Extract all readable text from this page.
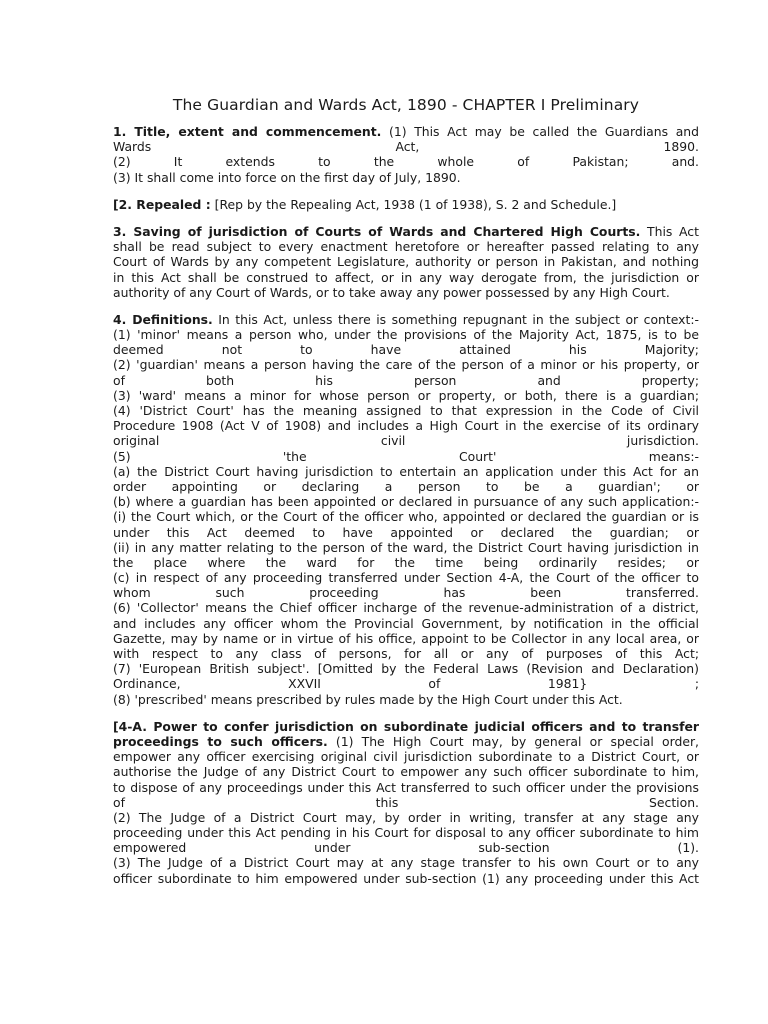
The Guardian and Wards Act, 1890 - CHAPTER I Preliminary
1. Title, extent and commencement. (1) This Act may be called the Guardians and
Wards Act, 1890.
(2) It extends to the whole of Pakistan; and.
(3) It shall come into force on the first day of July, 1890.
[2. Repealed : [Rep by the Repealing Act, 1938 (1 of 1938), S. 2 and Schedule.]
3. Saving of jurisdiction of Courts of Wards and Chartered High Courts. This Act
shall be read subject to every enactment heretofore or hereafter passed relating to any
Court of Wards by any competent Legislature, authority or person in Pakistan, and nothing
in this Act shall be construed to affect, or in any way derogate from, the jurisdiction or
authority of any Court of Wards, or to take away any power possessed by any High Court.
4. Definitions. In this Act, unless there is something repugnant in the subject or context:-
(1) 'minor' means a person who, under the provisions of the Majority Act, 1875, is to be
deemed not to have attained his Majority;
(2) 'guardian' means a person having the care of the person of a minor or his property, or
of both his person and property;
(3) 'ward' means a minor for whose person or property, or both, there is a guardian;
(4) 'District Court' has the meaning assigned to that expression in the Code of Civil
Procedure 1908 (Act V of 1908) and includes a High Court in the exercise of its ordinary
original civil jurisdiction.
(5) 'the Court' means:-
(a) the District Court having jurisdiction to entertain an application under this Act for an
order appointing or declaring a person to be a guardian'; or
(b) where a guardian has been appointed or declared in pursuance of any such application:-
(i) the Court which, or the Court of the officer who, appointed or declared the guardian or is
under this Act deemed to have appointed or declared the guardian; or
(ii) in any matter relating to the person of the ward, the District Court having jurisdiction in
the place where the ward for the time being ordinarily resides; or
(c) in respect of any proceeding transferred under Section 4-A, the Court of the officer to
whom such proceeding has been transferred.
(6) 'Collector' means the Chief officer incharge of the revenue-administration of a district,
and includes any officer whom the Provincial Government, by notification in the official
Gazette, may by name or in virtue of his office, appoint to be Collector in any local area, or
with respect to any class of persons, for all or any of purposes of this Act;
(7) 'European British subject'. [Omitted by the Federal Laws (Revision and Declaration)
Ordinance, XXVII of 1981} ;
(8) 'prescribed' means prescribed by rules made by the High Court under this Act.
[4-A. Power to confer jurisdiction on subordinate judicial officers and to transfer
proceedings to such officers. (1) The High Court may, by general or special order,
empower any officer exercising original civil jurisdiction subordinate to a District Court, or
authorise the Judge of any District Court to empower any such officer subordinate to him,
to dispose of any proceedings under this Act transferred to such officer under the provisions
of this Section.
(2) The Judge of a District Court may, by order in writing, transfer at any stage any
proceeding under this Act pending in his Court for disposal to any officer subordinate to him
empowered under sub-section (1).
(3) The Judge of a District Court may at any stage transfer to his own Court or to any
officer subordinate to him empowered under sub-section (1) any proceeding under this Act
